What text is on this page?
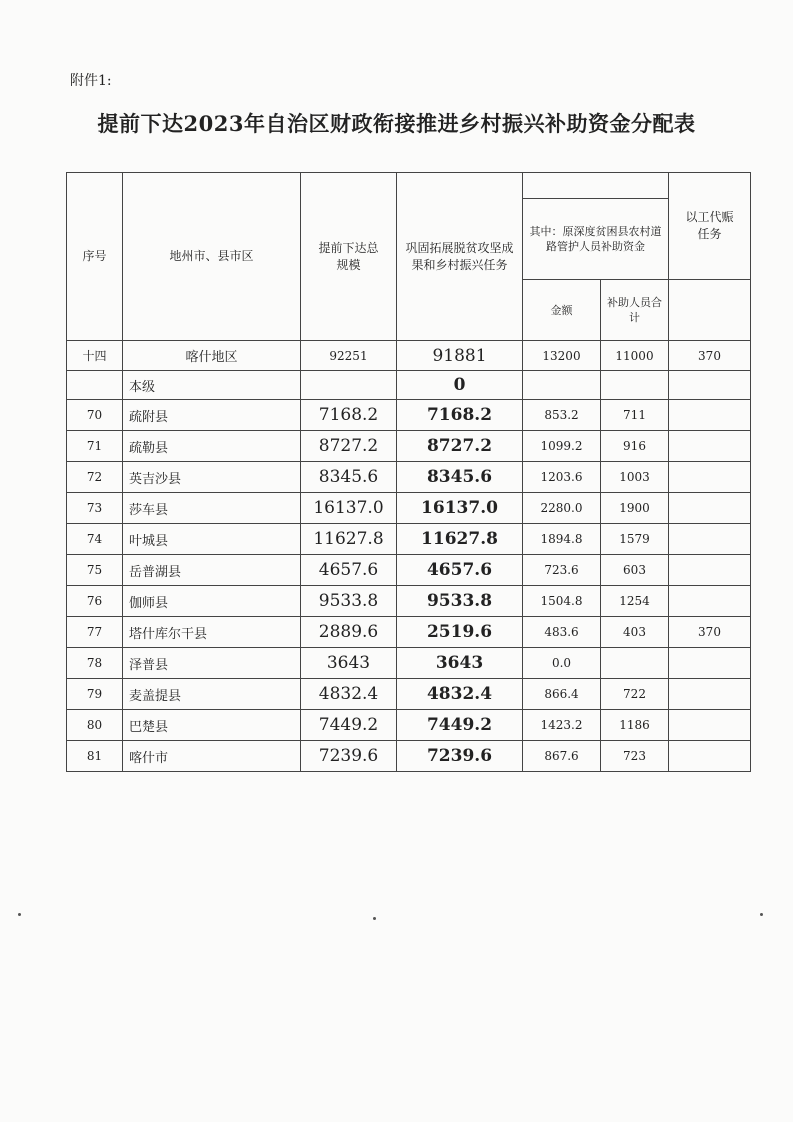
附件1:
提前下达2023年自治区财政衔接推进乡村振兴补助资金分配表
序号	地州市、县市区	提前下达总规模	巩固拓展脱贫攻坚成果和乡村振兴任务			以工代赈任务
				其中：原深度贫困县农村道路管护人员补助资金		
				金额	补助人员合计	
十四	喀什地区	92251	91881	13200	11000	370
	本级		0			
70	疏附县	7168.2	7168.2	853.2	711	
71	疏勒县	8727.2	8727.2	1099.2	916	
72	英吉沙县	8345.6	8345.6	1203.6	1003	
73	莎车县	16137.0	16137.0	2280.0	1900	
74	叶城县	11627.8	11627.8	1894.8	1579	
75	岳普湖县	4657.6	4657.6	723.6	603	
76	伽师县	9533.8	9533.8	1504.8	1254	
77	塔什库尔干县	2889.6	2519.6	483.6	403	370
78	泽普县	3643	3643	0.0		
79	麦盖提县	4832.4	4832.4	866.4	722	
80	巴楚县	7449.2	7449.2	1423.2	1186	
81	喀什市	7239.6	7239.6	867.6	723	
